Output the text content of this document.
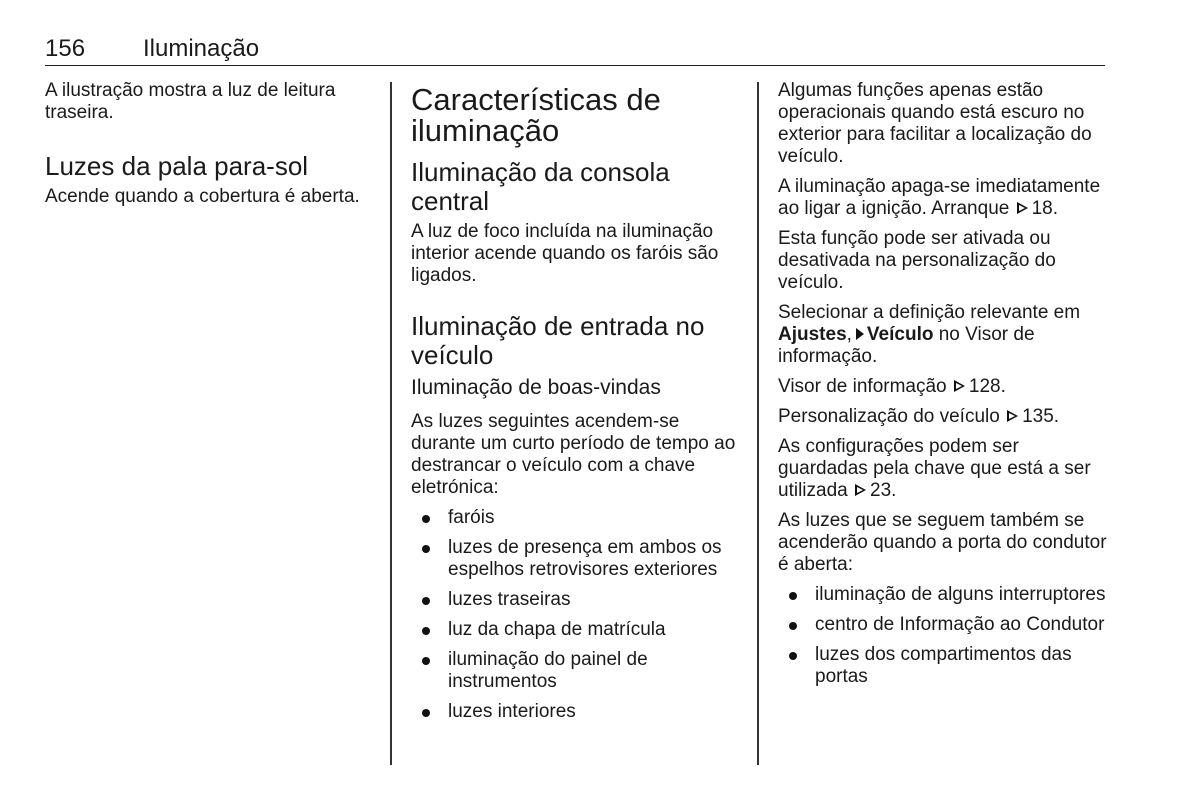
156 Iluminação

A ilustração mostra a luz de leitura traseira.

Luzes da pala para-sol

Acende quando a cobertura é aberta.

Características de iluminação
Iluminação da consola central

A luz de foco incluída na iluminação interior acende quando os faróis são ligados.

Iluminação de entrada no veículo
Iluminação de boas-vindas

As luzes seguintes acendem-se durante um curto período de tempo ao destrancar o veículo com a chave eletrónica:

faróis
luzes de presença em ambos os espelhos retrovisores exteriores
luzes traseiras
luz da chapa de matrícula
iluminação do painel de instrumentos
luzes interiores

Algumas funções apenas estão operacionais quando está escuro no exterior para facilitar a localização do veículo.

A iluminação apaga-se imediatamente ao ligar a ignição. Arranque 18.

Esta função pode ser ativada ou desativada na personalização do veículo.

Selecionar a definição relevante em Ajustes, Veículo no Visor de informação.

Visor de informação 128.

Personalização do veículo 135.

As configurações podem ser guardadas pela chave que está a ser utilizada 23.

As luzes que se seguem também se acenderão quando a porta do condutor é aberta:

iluminação de alguns interruptores
centro de Informação ao Condutor
luzes dos compartimentos das portas
